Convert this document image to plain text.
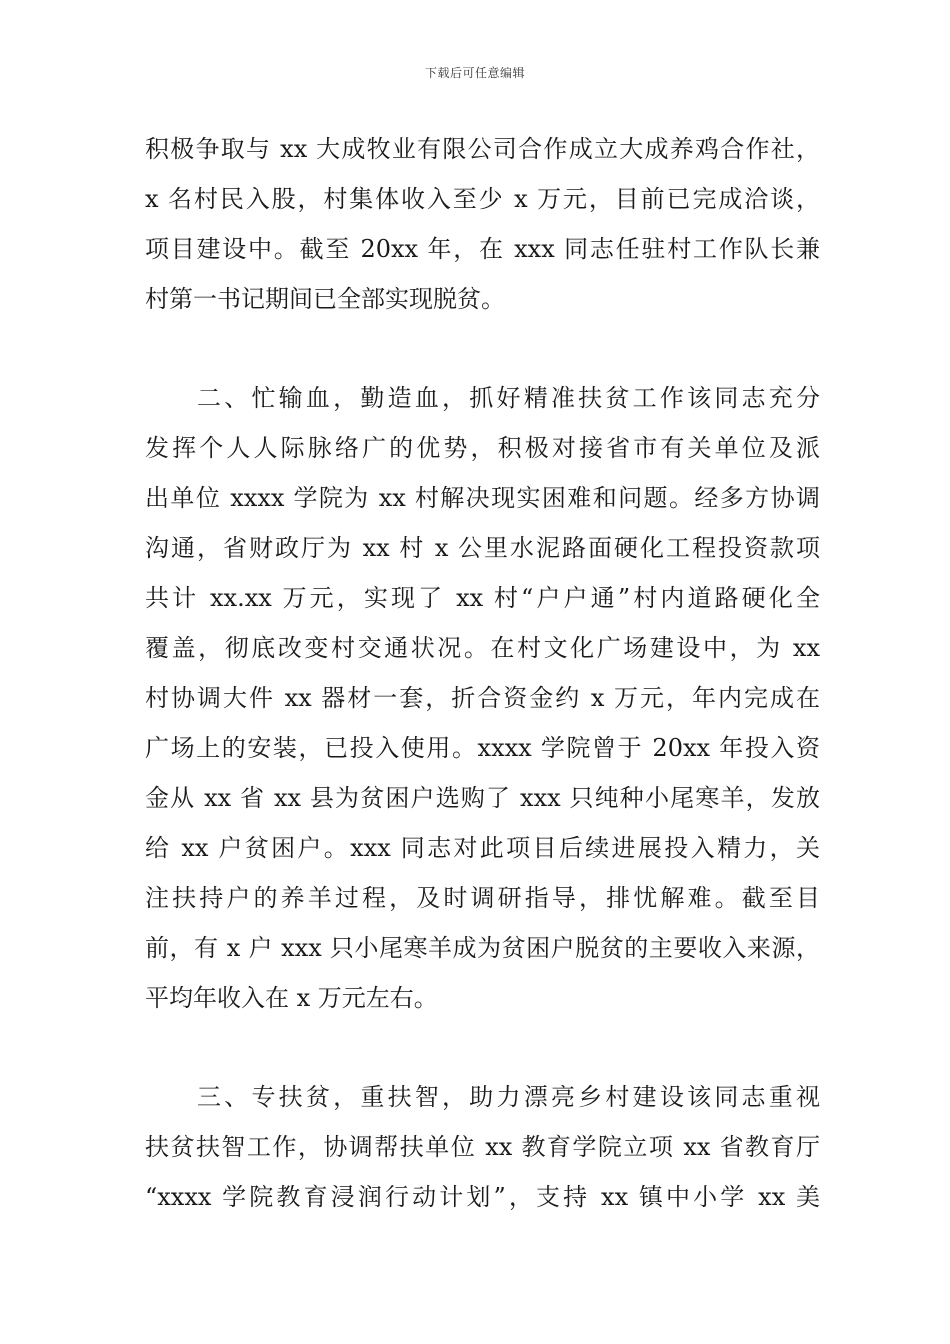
下载后可任意编辑
积极争取与 xx 大成牧业有限公司合作成立大成养鸡合作社，
x 名村民入股，村集体收入至少 x 万元，目前已完成洽谈，
项目建设中。截至 20xx 年，在 xxx 同志任驻村工作队长兼
村第一书记期间已全部实现脱贫。
二、忙输血，勤造血，抓好精准扶贫工作该同志充分
发挥个人人际脉络广的优势，积极对接省市有关单位及派
出单位 xxxx 学院为 xx 村解决现实困难和问题。经多方协调
沟通，省财政厅为 xx 村 x 公里水泥路面硬化工程投资款项
共计 xx.xx 万元，实现了 xx 村“户户通”村内道路硬化全
覆盖，彻底改变村交通状况。在村文化广场建设中，为 xx
村协调大件 xx 器材一套，折合资金约 x 万元，年内完成在
广场上的安装，已投入使用。xxxx 学院曾于 20xx 年投入资
金从 xx 省 xx 县为贫困户选购了 xxx 只纯种小尾寒羊，发放
给 xx 户贫困户。xxx 同志对此项目后续进展投入精力，关
注扶持户的养羊过程，及时调研指导，排忧解难。截至目
前，有 x 户 xxx 只小尾寒羊成为贫困户脱贫的主要收入来源，
平均年收入在 x 万元左右。
三、专扶贫，重扶智，助力漂亮乡村建设该同志重视
扶贫扶智工作，协调帮扶单位 xx 教育学院立项 xx 省教育厅
“xxxx 学院教育浸润行动计划”，支持 xx 镇中小学 xx 美
